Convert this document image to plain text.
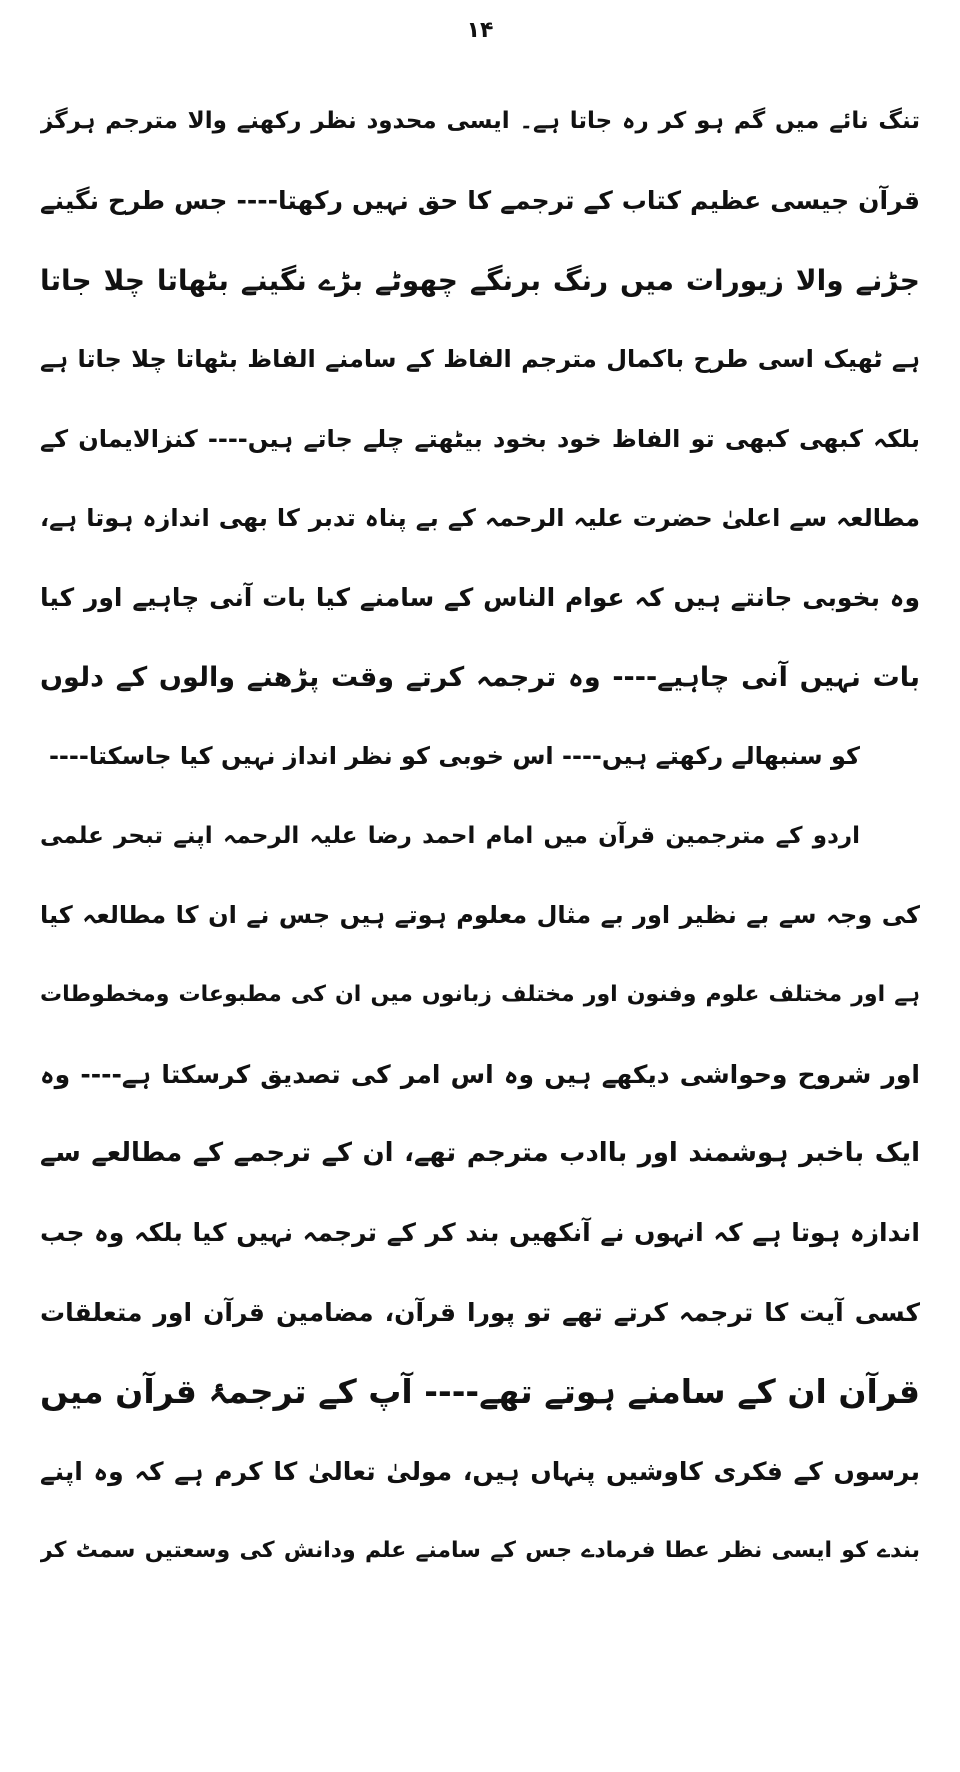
۱۴
تنگ نائے میں گم ہو کر رہ جاتا ہے۔ ایسی محدود نظر رکھنے والا مترجم ہرگز
قرآن جیسی عظیم کتاب کے ترجمے کا حق نہیں رکھتا---- جس طرح نگینے
جڑنے والا زیورات میں رنگ برنگے چھوٹے بڑے نگینے بٹھاتا چلا جاتا
ہے ٹھیک اسی طرح باکمال مترجم الفاظ کے سامنے الفاظ بٹھاتا چلا جاتا ہے
بلکہ کبھی کبھی تو الفاظ خود بخود بیٹھتے چلے جاتے ہیں---- کنزالایمان کے
مطالعہ سے اعلیٰ حضرت علیہ الرحمہ کے بے پناہ تدبر کا بھی اندازہ ہوتا ہے،
وہ بخوبی جانتے ہیں کہ عوام الناس کے سامنے کیا بات آنی چاہیے اور کیا
بات نہیں آنی چاہیے---- وہ ترجمہ کرتے وقت پڑھنے والوں کے دلوں
کو سنبھالے رکھتے ہیں---- اس خوبی کو نظر انداز نہیں کیا جاسکتا----
اردو کے مترجمین قرآن میں امام احمد رضا علیہ الرحمہ اپنے تبحر علمی
کی وجہ سے بے نظیر اور بے مثال معلوم ہوتے ہیں جس نے ان کا مطالعہ کیا
ہے اور مختلف علوم وفنون اور مختلف زبانوں میں ان کی مطبوعات ومخطوطات
اور شروح وحواشی دیکھے ہیں وہ اس امر کی تصدیق کرسکتا ہے---- وہ
ایک باخبر ہوشمند اور باادب مترجم تھے، ان کے ترجمے کے مطالعے سے
اندازہ ہوتا ہے کہ انہوں نے آنکھیں بند کر کے ترجمہ نہیں کیا بلکہ وہ جب
کسی آیت کا ترجمہ کرتے تھے تو پورا قرآن، مضامین قرآن اور متعلقات
قرآن ان کے سامنے ہوتے تھے---- آپ کے ترجمۂ قرآن میں
برسوں کے فکری کاوشیں پنہاں ہیں، مولیٰ تعالیٰ کا کرم ہے کہ وہ اپنے
بندے کو ایسی نظر عطا فرمادے جس کے سامنے علم ودانش کی وسعتیں سمٹ کر
